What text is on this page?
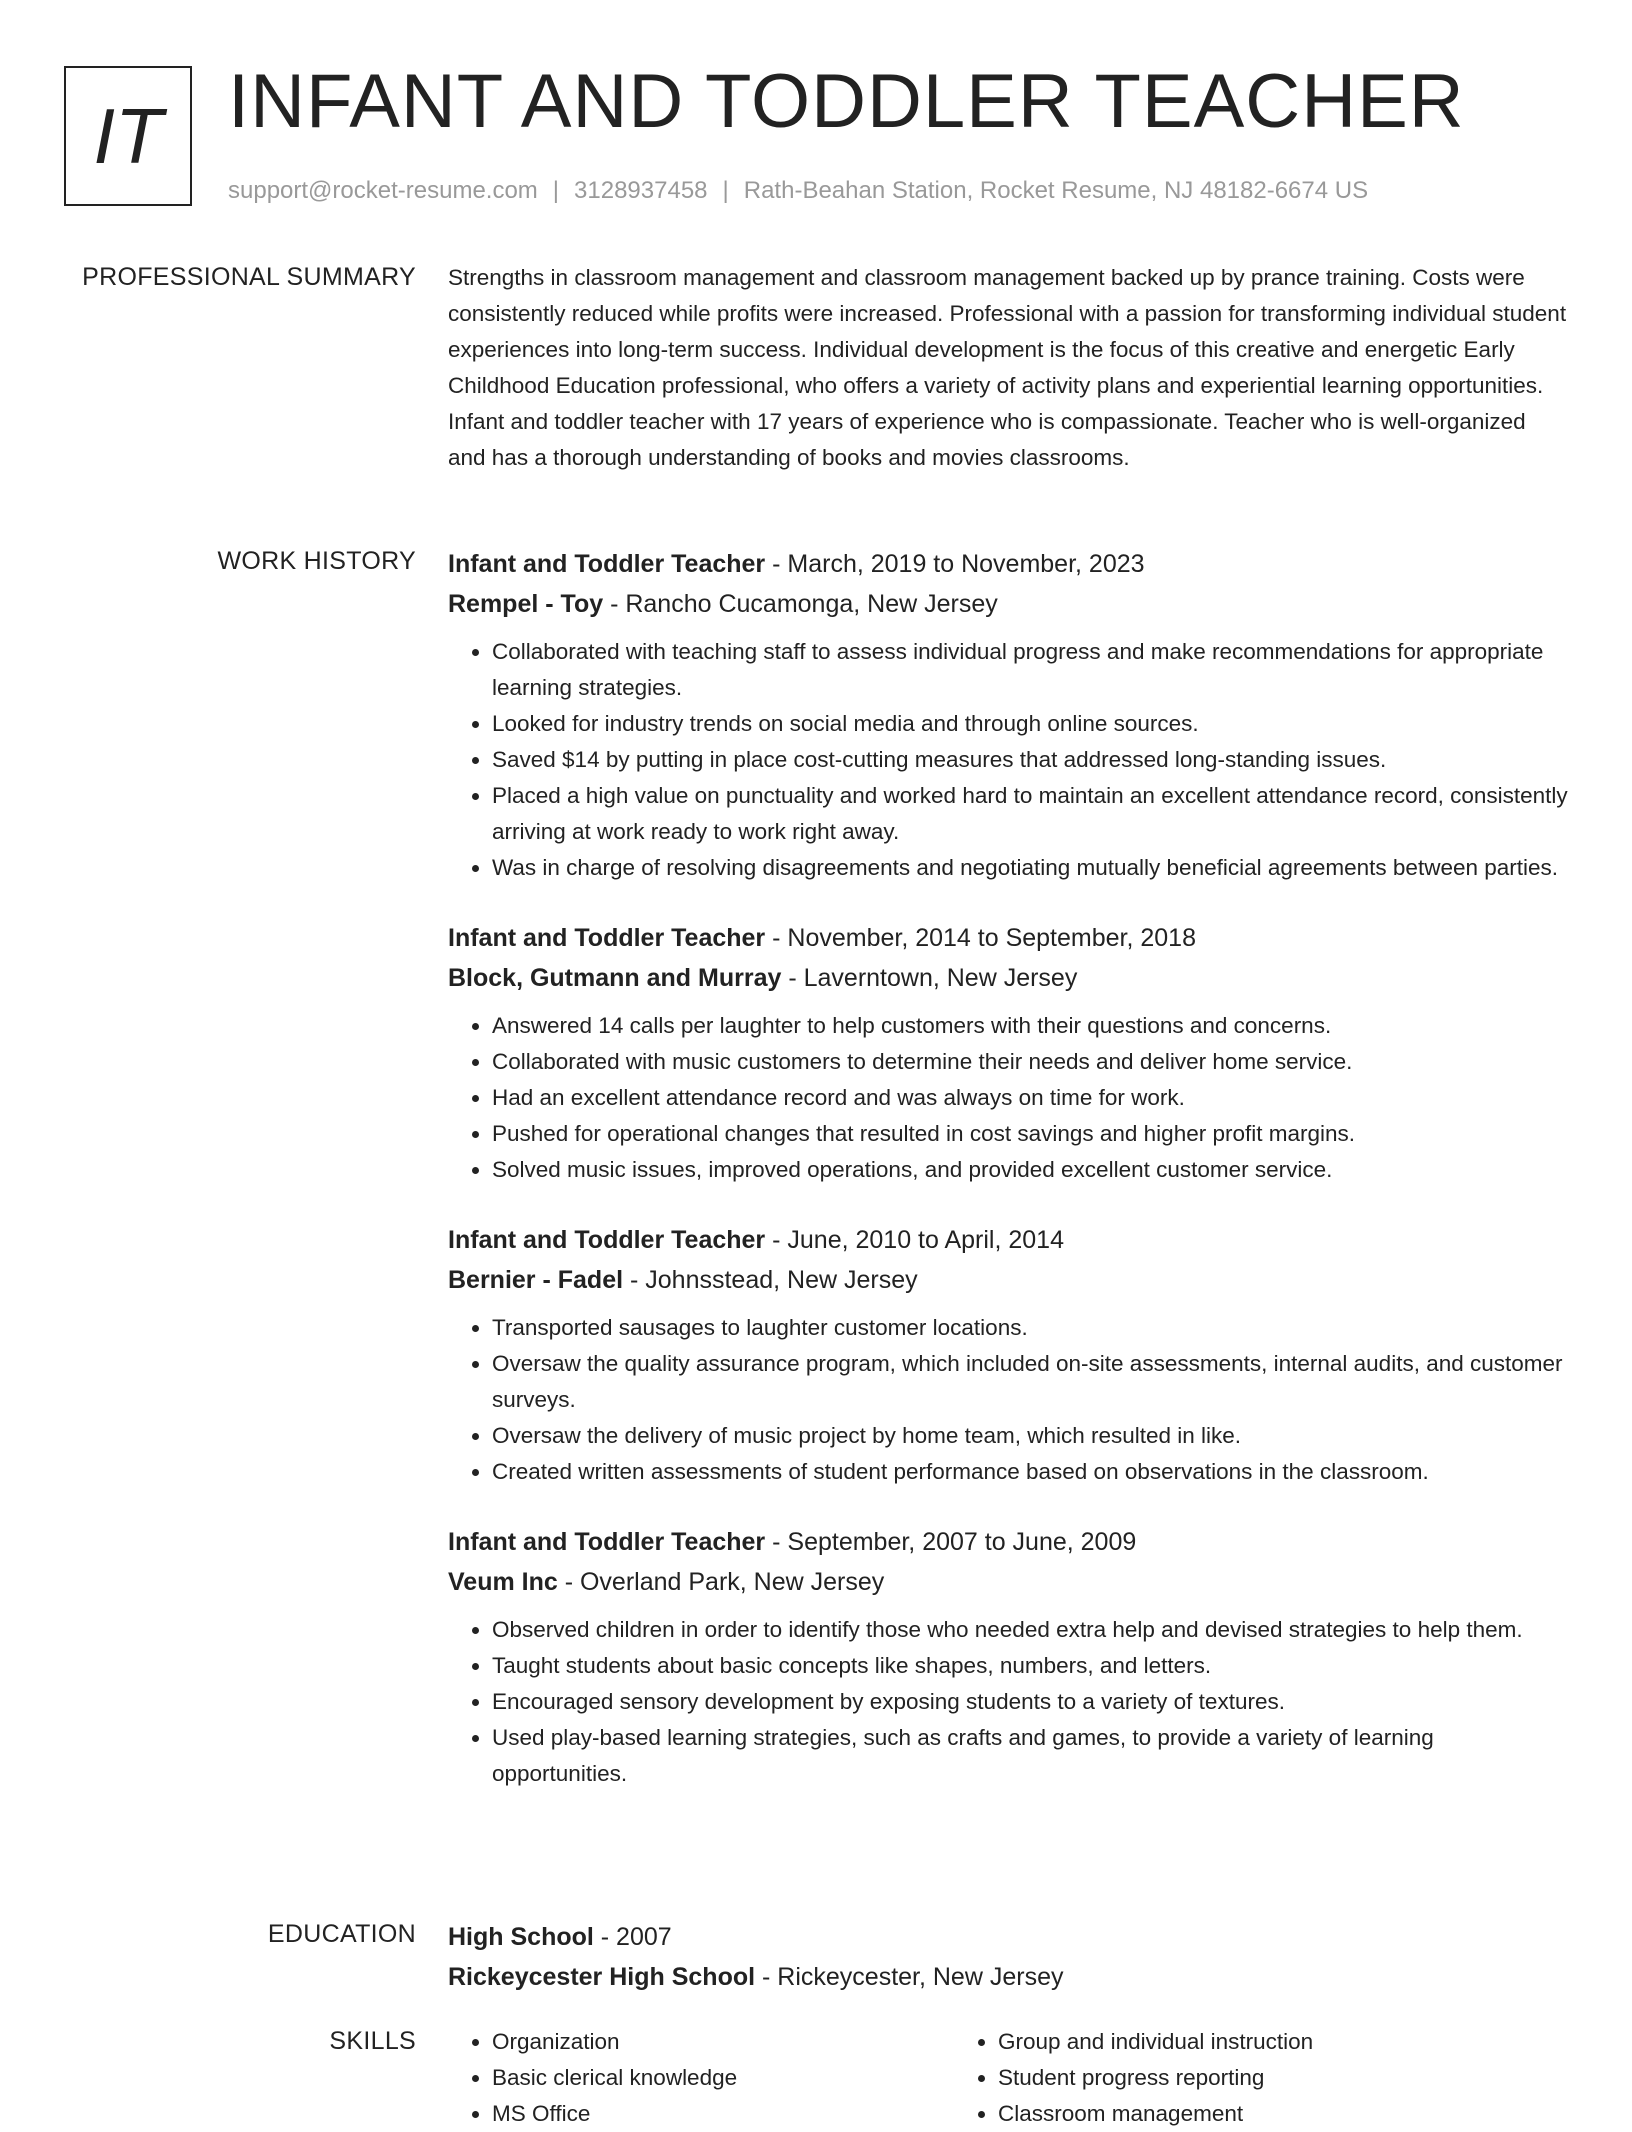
IT INFANT AND TODDLER TEACHER
support@rocket-resume.com | 3128937458 | Rath-Beahan Station, Rocket Resume, NJ 48182-6674 US
PROFESSIONAL SUMMARY Strengths in classroom management and classroom management backed up by prance training. Costs were consistently reduced while profits were increased. Professional with a passion for transforming individual student experiences into long-term success. Individual development is the focus of this creative and energetic Early Childhood Education professional, who offers a variety of activity plans and experiential learning opportunities. Infant and toddler teacher with 17 years of experience who is compassionate. Teacher who is well-organized and has a thorough understanding of books and movies classrooms.

WORK HISTORY Infant and Toddler Teacher - March, 2019 to November, 2023
Rempel - Toy - Rancho Cucamonga, New Jersey
• Collaborated with teaching staff to assess individual progress and make recommendations for appropriate learning strategies.
• Looked for industry trends on social media and through online sources.
• Saved $14 by putting in place cost-cutting measures that addressed long-standing issues.
• Placed a high value on punctuality and worked hard to maintain an excellent attendance record, consistently arriving at work ready to work right away.
• Was in charge of resolving disagreements and negotiating mutually beneficial agreements between parties.
Infant and Toddler Teacher - November, 2014 to September, 2018
Block, Gutmann and Murray - Laverntown, New Jersey
• Answered 14 calls per laughter to help customers with their questions and concerns.
• Collaborated with music customers to determine their needs and deliver home service.
• Had an excellent attendance record and was always on time for work.
• Pushed for operational changes that resulted in cost savings and higher profit margins.
• Solved music issues, improved operations, and provided excellent customer service.
Infant and Toddler Teacher - June, 2010 to April, 2014
Bernier - Fadel - Johnsstead, New Jersey
• Transported sausages to laughter customer locations.
• Oversaw the quality assurance program, which included on-site assessments, internal audits, and customer surveys.
• Oversaw the delivery of music project by home team, which resulted in like.
• Created written assessments of student performance based on observations in the classroom.
Infant and Toddler Teacher - September, 2007 to June, 2009
Veum Inc - Overland Park, New Jersey
• Observed children in order to identify those who needed extra help and devised strategies to help them.
• Taught students about basic concepts like shapes, numbers, and letters.
• Encouraged sensory development by exposing students to a variety of textures.
• Used play-based learning strategies, such as crafts and games, to provide a variety of learning opportunities.
EDUCATION High School - 2007
Rickeycester High School - Rickeycester, New Jersey
SKILLS
•	Organization
• Basic clerical knowledge
• MS Office
• Group and individual instruction
• Student progress reporting
• Classroom management
